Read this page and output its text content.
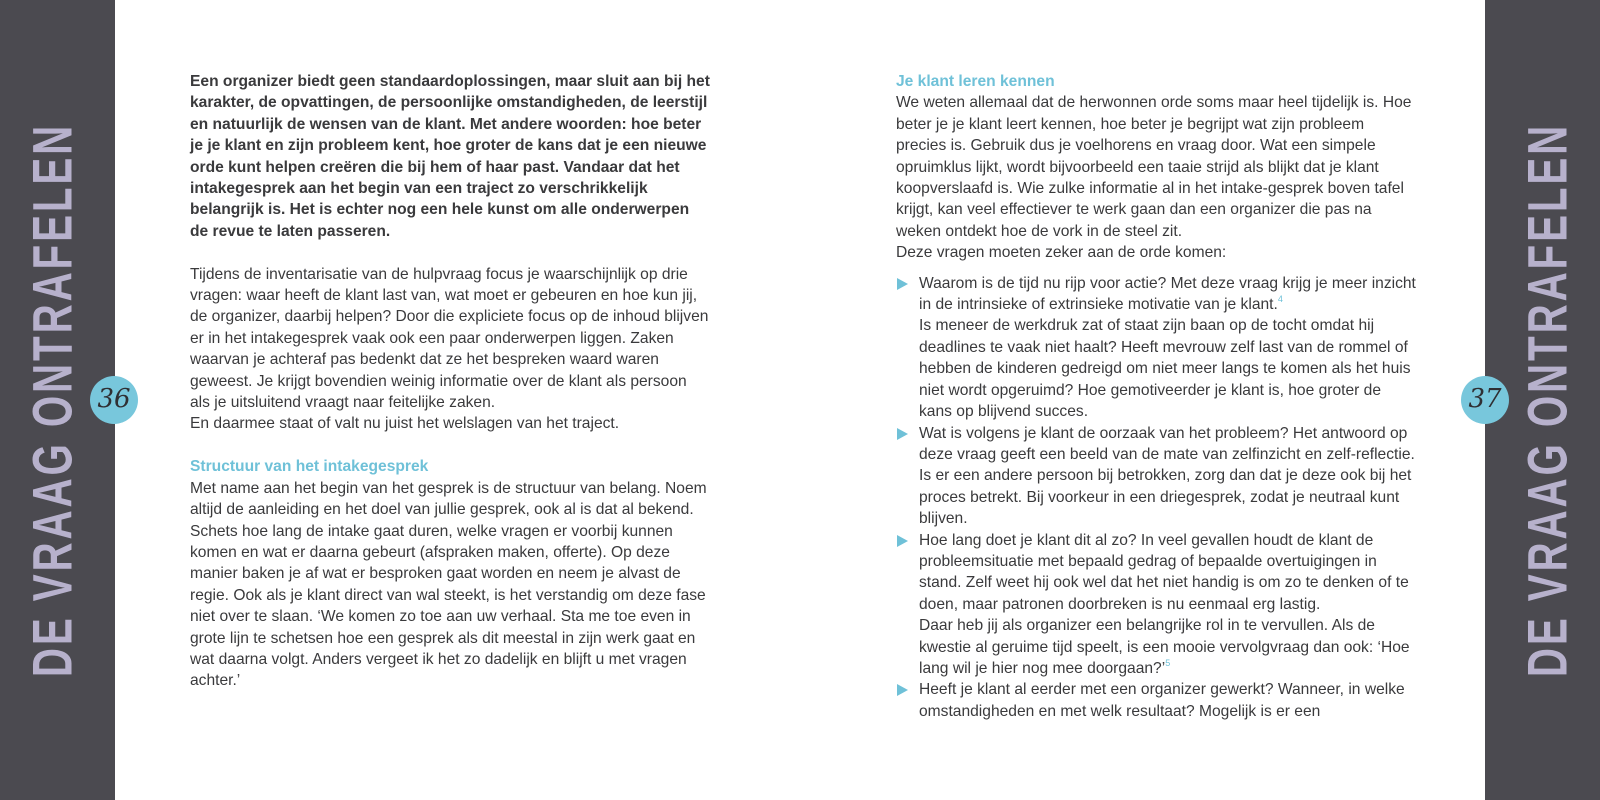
DE VRAAG ONTRAFELEN 36

Een organizer biedt geen standaardoplossingen, maar sluit aan bij het karakter, de opvattingen, de persoonlijke omstandigheden, de leerstijl en natuurlijk de wensen van de klant. Met andere woorden: hoe beter je je klant en zijn probleem kent, hoe groter de kans dat je een nieuwe orde kunt helpen creëren die bij hem of haar past. Vandaar dat het intakegesprek aan het begin van een traject zo verschrikkelijk belangrijk is. Het is echter nog een hele kunst om alle onderwerpen de revue te laten passeren.

Tijdens de inventarisatie van de hulpvraag focus je waarschijnlijk op drie vragen: waar heeft de klant last van, wat moet er gebeuren en hoe kun jij, de organizer, daarbij helpen? Door die expliciete focus op de inhoud blijven er in het intakegesprek vaak ook een paar onderwerpen liggen. Zaken waarvan je achteraf pas bedenkt dat ze het bespreken waard waren geweest. Je krijgt bovendien weinig informatie over de klant als persoon als je uitsluitend vraagt naar feitelijke zaken.

En daarmee staat of valt nu juist het welslagen van het traject.

Structuur van het intakegesprek

Met name aan het begin van het gesprek is de structuur van belang. Noem altijd de aanleiding en het doel van jullie gesprek, ook al is dat al bekend. Schets hoe lang de intake gaat duren, welke vragen er voorbij kunnen komen en wat er daarna gebeurt (afspraken maken, offerte). Op deze manier baken je af wat er besproken gaat worden en neem je alvast de regie. Ook als je klant direct van wal steekt, is het verstandig om deze fase niet over te slaan. ‘We komen zo toe aan uw verhaal. Sta me toe even in grote lijn te schetsen hoe een gesprek als dit meestal in zijn werk gaat en wat daarna volgt. Anders vergeet ik het zo dadelijk en blijft u met vragen achter.’

Je klant leren kennen

We weten allemaal dat de herwonnen orde soms maar heel tijdelijk is. Hoe beter je je klant leert kennen, hoe beter je begrijpt wat zijn probleem precies is. Gebruik dus je voelhorens en vraag door. Wat een simpele opruimklus lijkt, wordt bijvoorbeeld een taaie strijd als blijkt dat je klant koopverslaafd is. Wie zulke informatie al in het intake-gesprek boven tafel krijgt, kan veel effectiever te werk gaan dan een organizer die pas na weken ontdekt hoe de vork in de steel zit.

Deze vragen moeten zeker aan de orde komen:

Waarom is de tijd nu rijp voor actie? Met deze vraag krijg je meer inzicht in de intrinsieke of extrinsieke motivatie van je klant.$^4$
Is meneer de werkdruk zat of staat zijn baan op de tocht omdat hij deadlines te vaak niet haalt? Heeft mevrouw zelf last van de rommel of hebben de kinderen gedreigd om niet meer langs te komen als het huis niet wordt opgeruimd? Hoe gemotiveerder je klant is, hoe groter de kans op blijvend succes.
Wat is volgens je klant de oorzaak van het probleem? Het antwoord op deze vraag geeft een beeld van de mate van zelfinzicht en zelf-reflectie. Is er een andere persoon bij betrokken, zorg dan dat je deze ook bij het proces betrekt. Bij voorkeur in een driegesprek, zodat je neutraal kunt blijven.
Hoe lang doet je klant dit al zo? In veel gevallen houdt de klant de probleemsituatie met bepaald gedrag of bepaalde overtuigingen in stand. Zelf weet hij ook wel dat het niet handig is om zo te denken of te doen, maar patronen doorbreken is nu eenmaal erg lastig.
Daar heb jij als organizer een belangrijke rol in te vervullen. Als de kwestie al geruime tijd speelt, is een mooie vervolgvraag dan ook: ‘Hoe lang wil je hier nog mee doorgaan?’$^5$
Heeft je klant al eerder met een organizer gewerkt? Wanneer, in welke omstandigheden en met welk resultaat? Mogelijk is er een
DE VRAAG ONTRAFELEN
37
